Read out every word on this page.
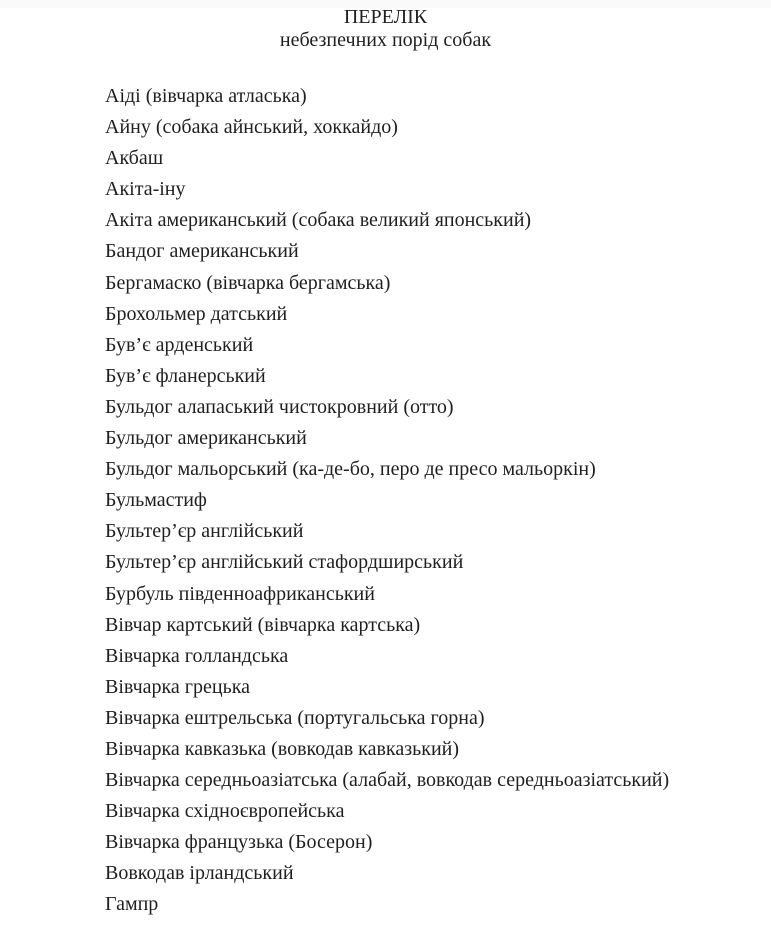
ПЕРЕЛІК
небезпечних порід собак
Аіді (вівчарка атласька)
Айну (собака айнський, хоккайдо)
Акбаш
Акіта-іну
Акіта американський (собака великий японський)
Бандог американський
Бергамаско (вівчарка бергамська)
Брохольмер датський
Був’є арденський
Був’є фланерський
Бульдог алапаський чистокровний (отто)
Бульдог американський
Бульдог мальорський (ка-де-бо, перо де пресо мальоркін)
Бульмастиф
Бультер’єр англійський
Бультер’єр англійський стафордширський
Бурбуль південноафриканський
Вівчар картський (вівчарка картська)
Вівчарка голландська
Вівчарка грецька
Вівчарка ештрельська (португальська горна)
Вівчарка кавказька (вовкодав кавказький)
Вівчарка середньоазіатська (алабай, вовкодав середньоазіатський)
Вівчарка східноєвропейська
Вівчарка французька (Босерон)
Вовкодав ірландський
Гампр
